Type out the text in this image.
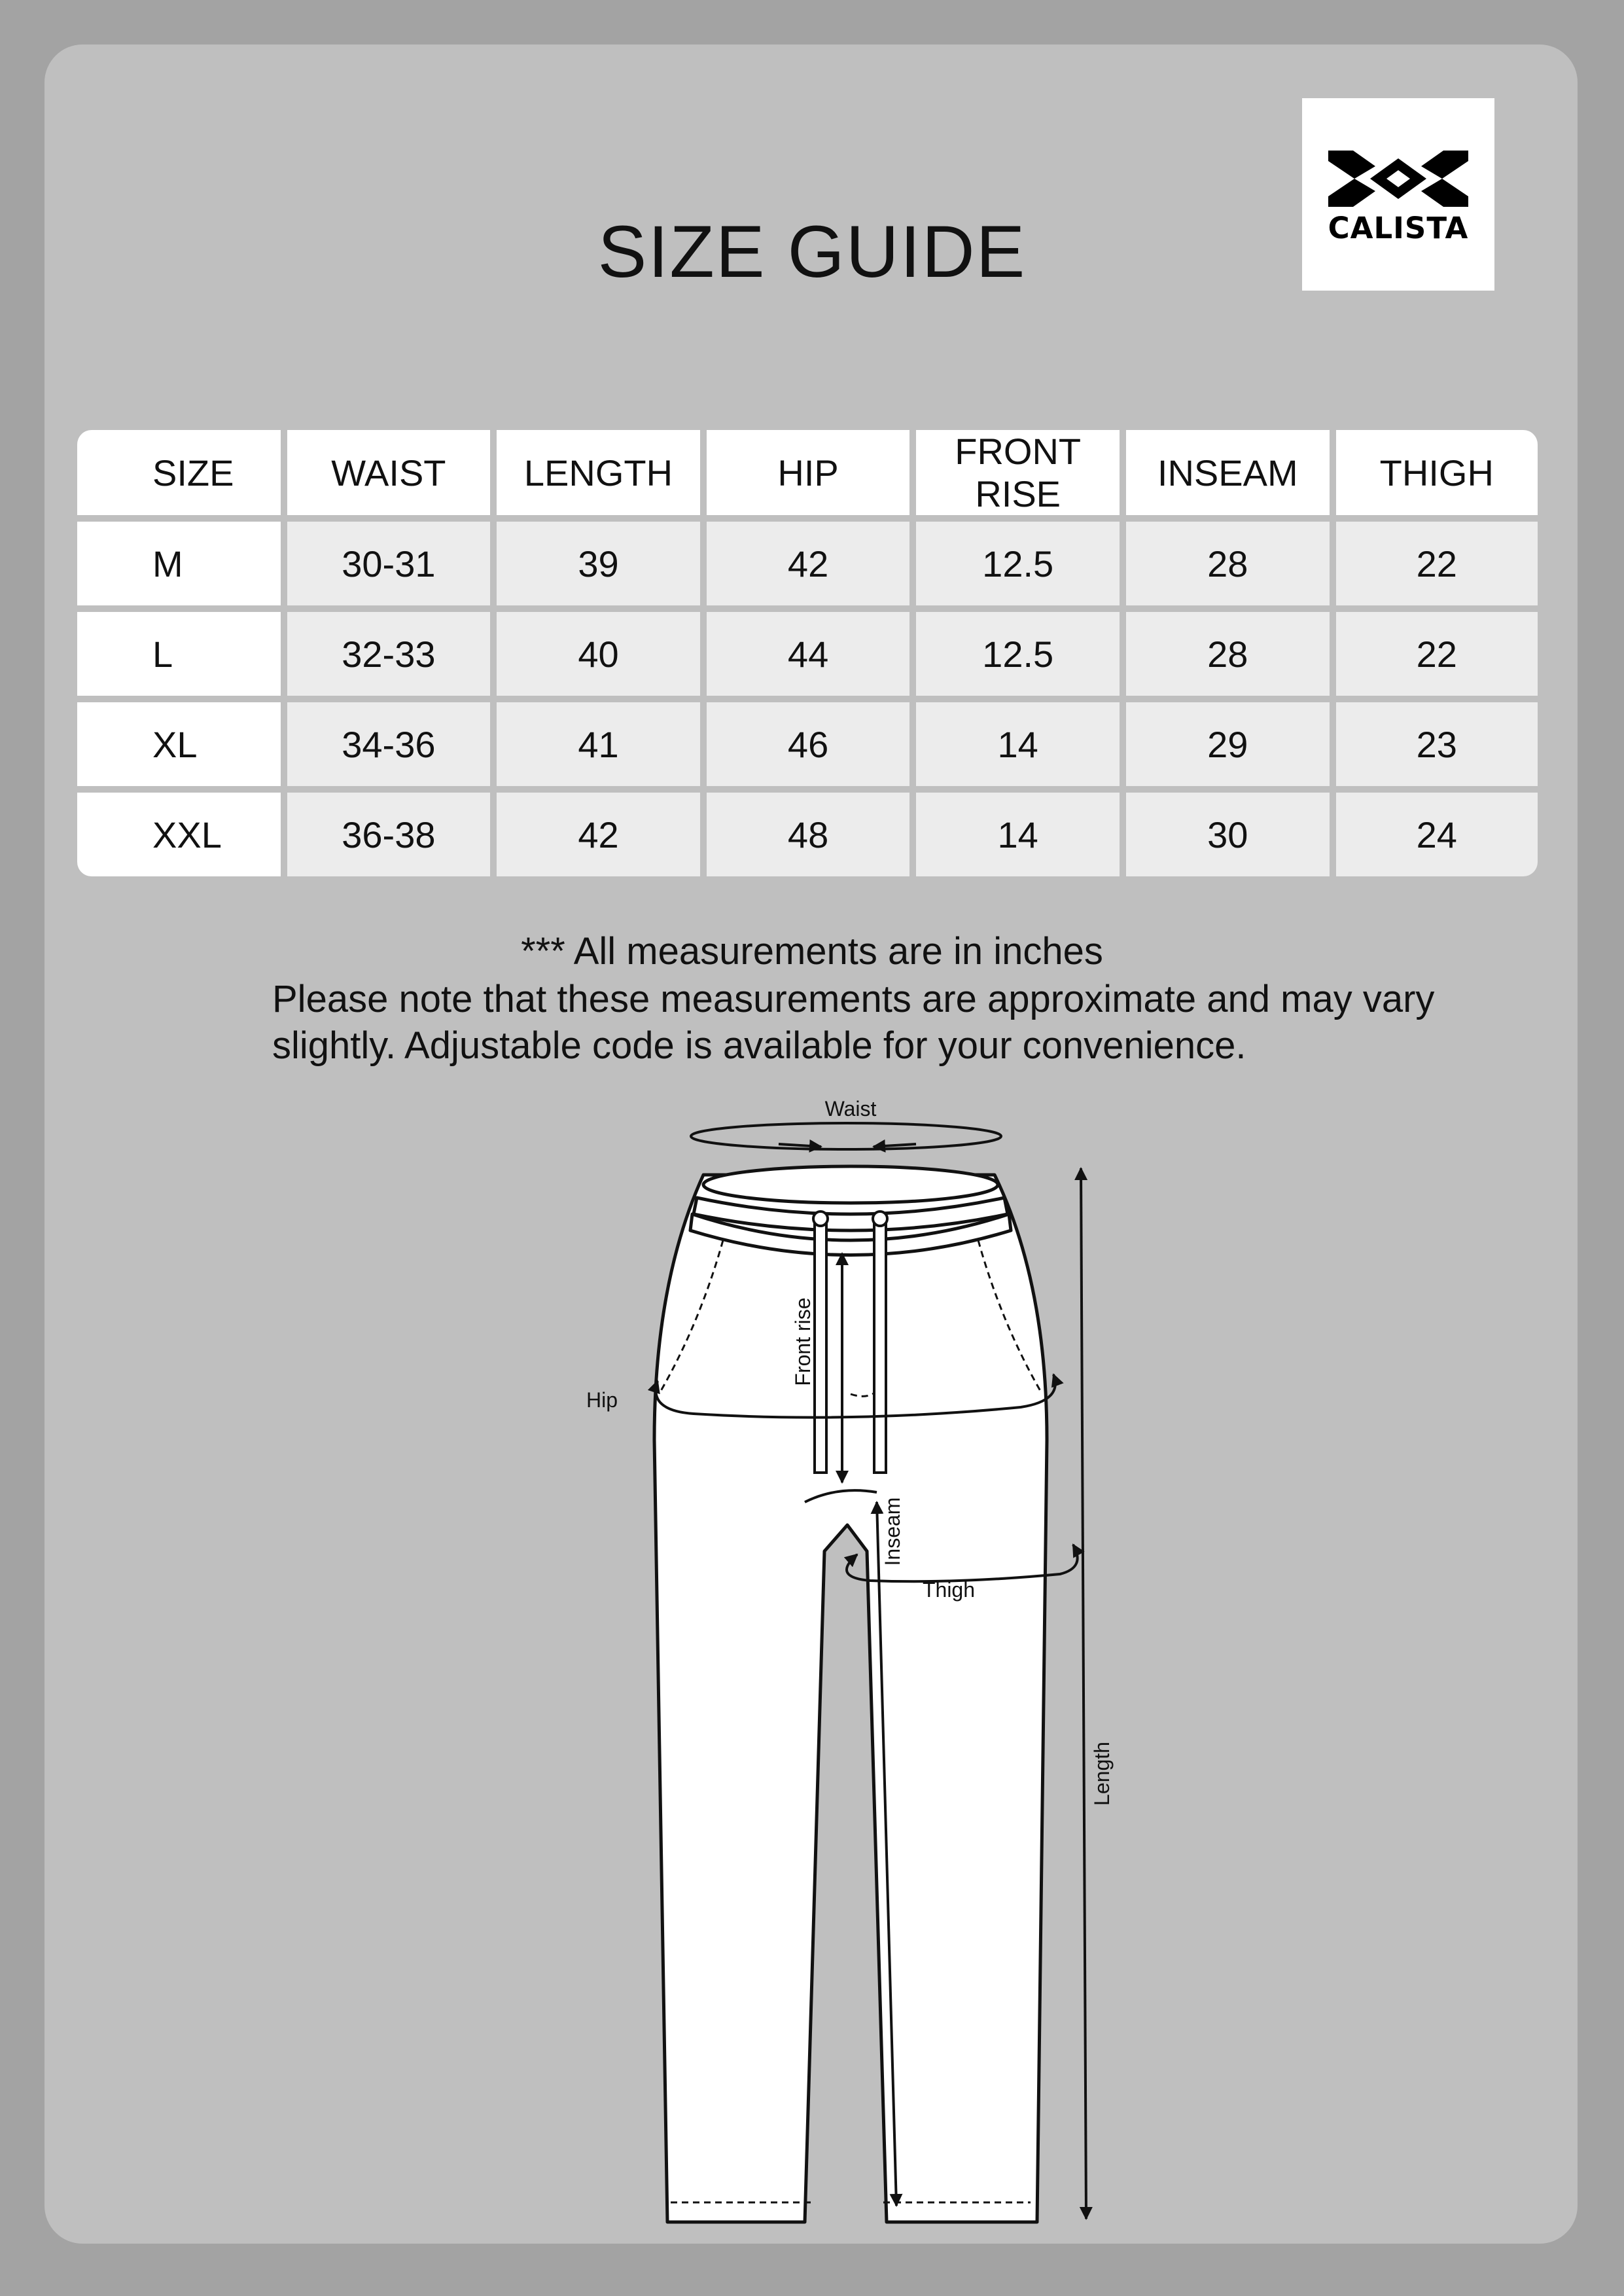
CALISTA
SIZE GUIDE
SIZE	WAIST	LENGTH	HIP	FRONT RISE	INSEAM	THIGH
M	30-31	39	42	12.5	28	22
L	32-33	40	44	12.5	28	22
XL	34-36	41	46	14	29	23
XXL	36-38	42	48	14	30	24
*** All measurements are in inches
Please note that these measurements are approximate and may vary
slightly. Adjustable code is available for your convenience.
Waist
Hip
Front rise
Inseam
Thigh
Length
